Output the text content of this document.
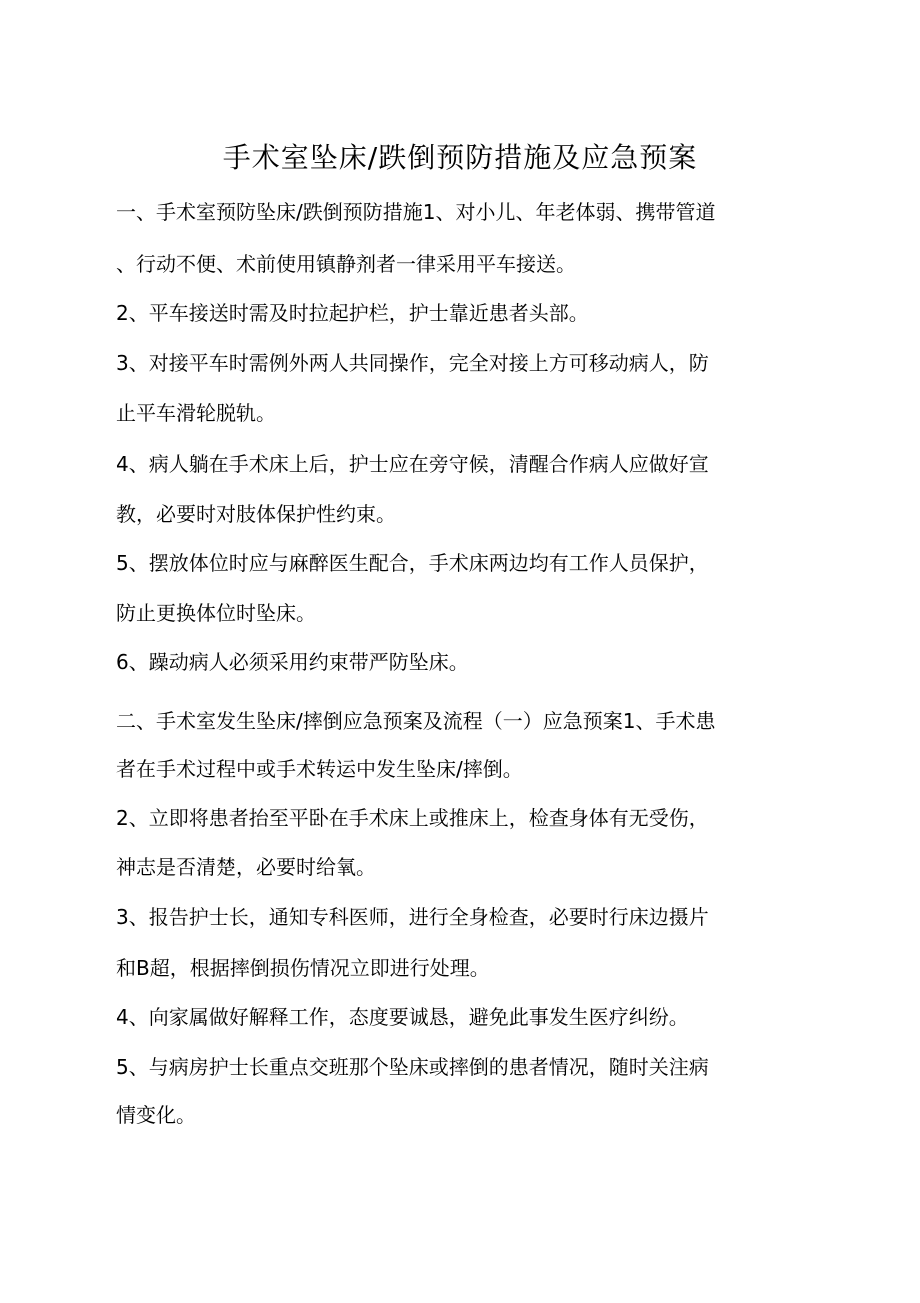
手术室坠床/跌倒预防措施及应急预案
一、手术室预防坠床/跌倒预防措施1、对小儿、年老体弱、携带管道
、行动不便、术前使用镇静剂者一律采用平车接送。
2、平车接送时需及时拉起护栏，护士靠近患者头部。
3、对接平车时需例外两人共同操作，完全对接上方可移动病人，防
止平车滑轮脱轨。
4、病人躺在手术床上后，护士应在旁守候，清醒合作病人应做好宣
教，必要时对肢体保护性约束。
5、摆放体位时应与麻醉医生配合，手术床两边均有工作人员保护，
防止更换体位时坠床。
6、躁动病人必须采用约束带严防坠床。
二、手术室发生坠床/摔倒应急预案及流程（一）应急预案1、手术患
者在手术过程中或手术转运中发生坠床/摔倒。
2、立即将患者抬至平卧在手术床上或推床上，检查身体有无受伤，
神志是否清楚，必要时给氧。
3、报告护士长，通知专科医师，进行全身检查，必要时行床边摄片
和B超，根据摔倒损伤情况立即进行处理。
4、向家属做好解释工作，态度要诚恳，避免此事发生医疗纠纷。
5、与病房护士长重点交班那个坠床或摔倒的患者情况，随时关注病
情变化。
